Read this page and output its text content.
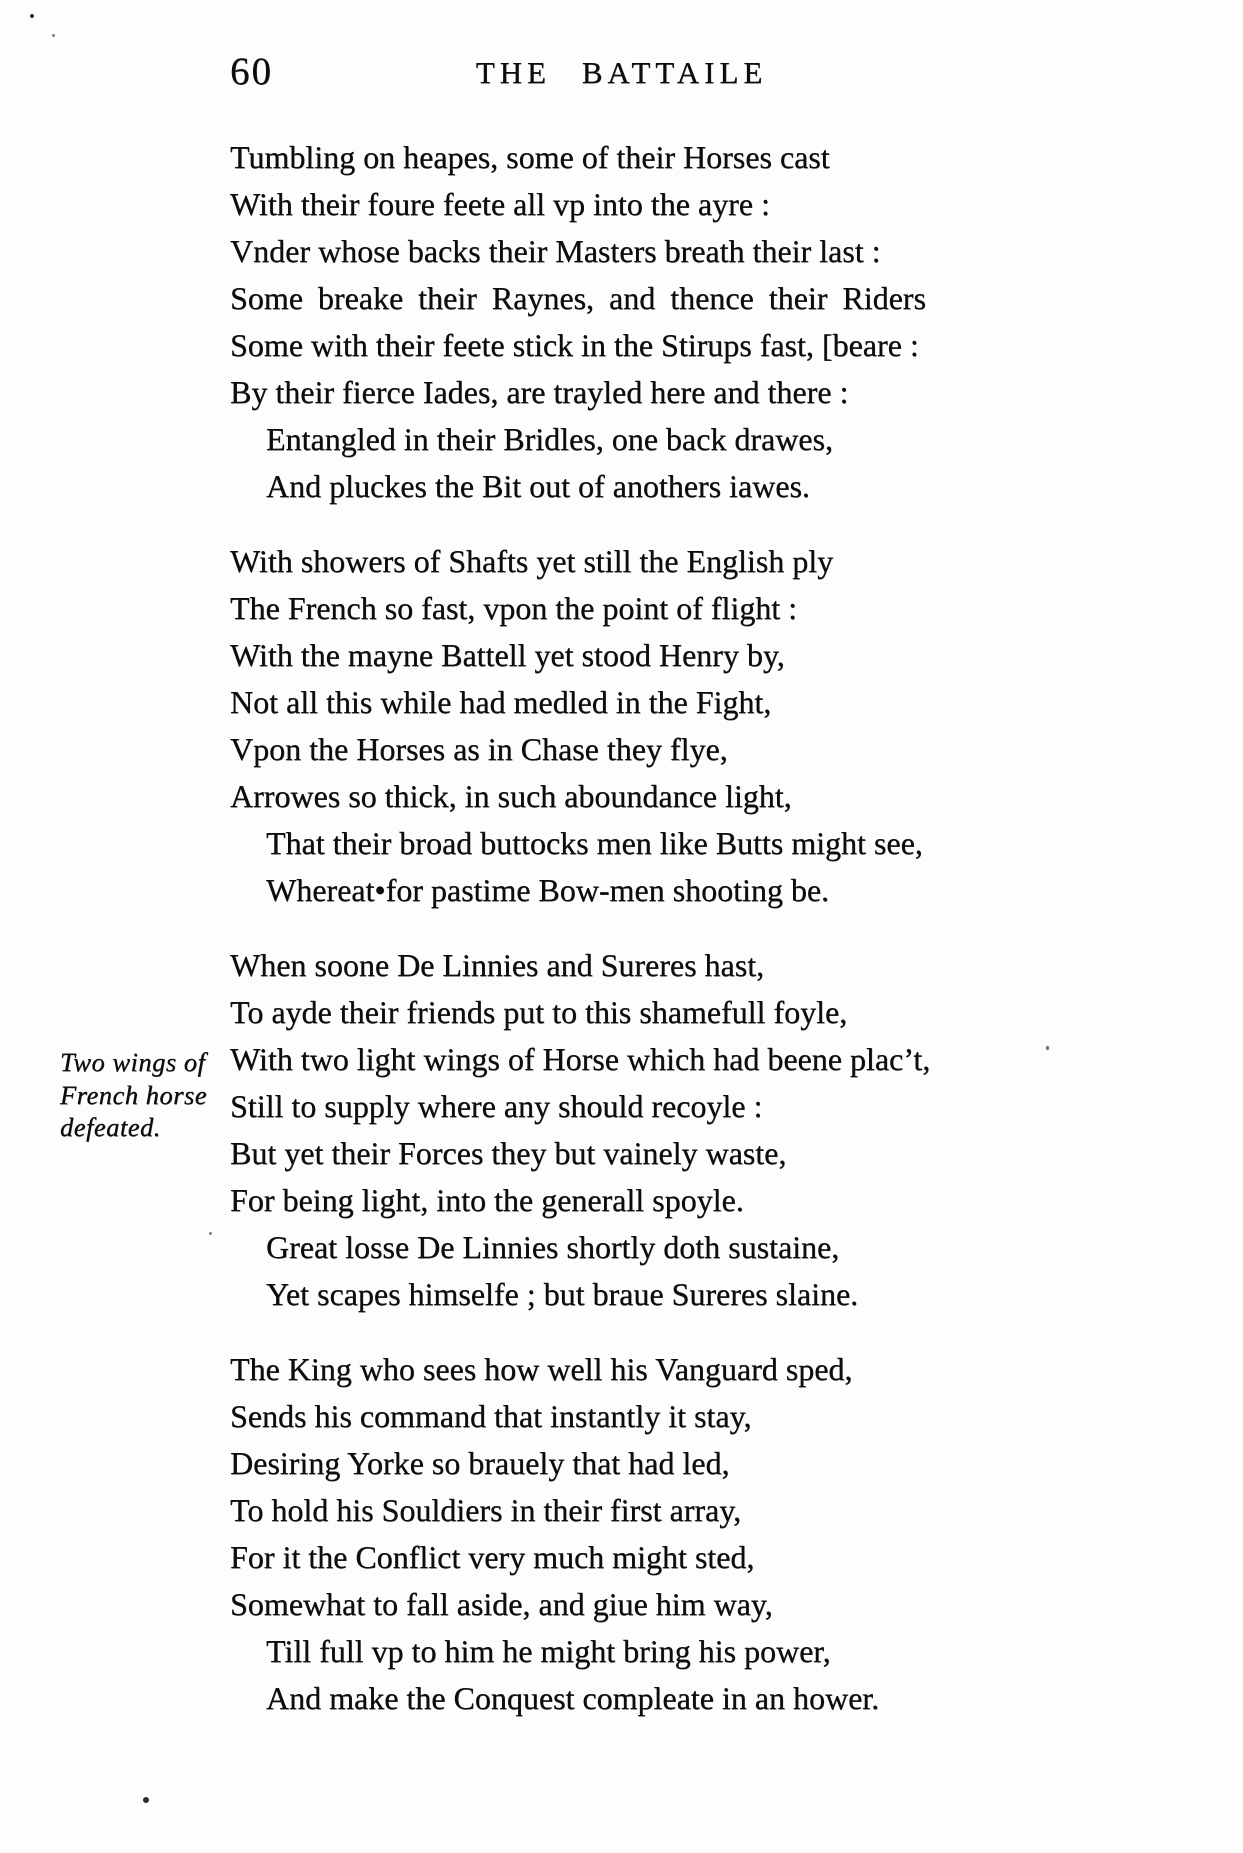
60	THE BATTAILE
Two wings of
French horse
defeated.
Tumbling on heapes, some of their Horses cast
With their foure feete all vp into the ayre :
Vnder whose backs their Masters breath their last :
Some breake their Raynes, and thence their Riders
Some with their feete stick in the Stirups fast, [beare :
By their fierce Iades, are trayled here and there :
Entangled in their Bridles, one back drawes,
And pluckes the Bit out of anothers iawes.
With showers of Shafts yet still the English ply
The French so fast, vpon the point of flight :
With the mayne Battell yet stood Henry by,
Not all this while had medled in the Fight,
Vpon the Horses as in Chase they flye,
Arrowes so thick, in such aboundance light,
That their broad buttocks men like Butts might see,
Whereat•for pastime Bow-men shooting be.
When soone De Linnies and Sureres hast,
To ayde their friends put to this shamefull foyle,
With two light wings of Horse which had beene plac’t,
Still to supply where any should recoyle :
But yet their Forces they but vainely waste,
For being light, into the generall spoyle.
Great losse De Linnies shortly doth sustaine,
Yet scapes himselfe ; but braue Sureres slaine.
The King who sees how well his Vanguard sped,
Sends his command that instantly it stay,
Desiring Yorke so brauely that had led,
To hold his Souldiers in their first array,
For it the Conflict very much might sted,
Somewhat to fall aside, and giue him way,
Till full vp to him he might bring his power,
And make the Conquest compleate in an hower.
